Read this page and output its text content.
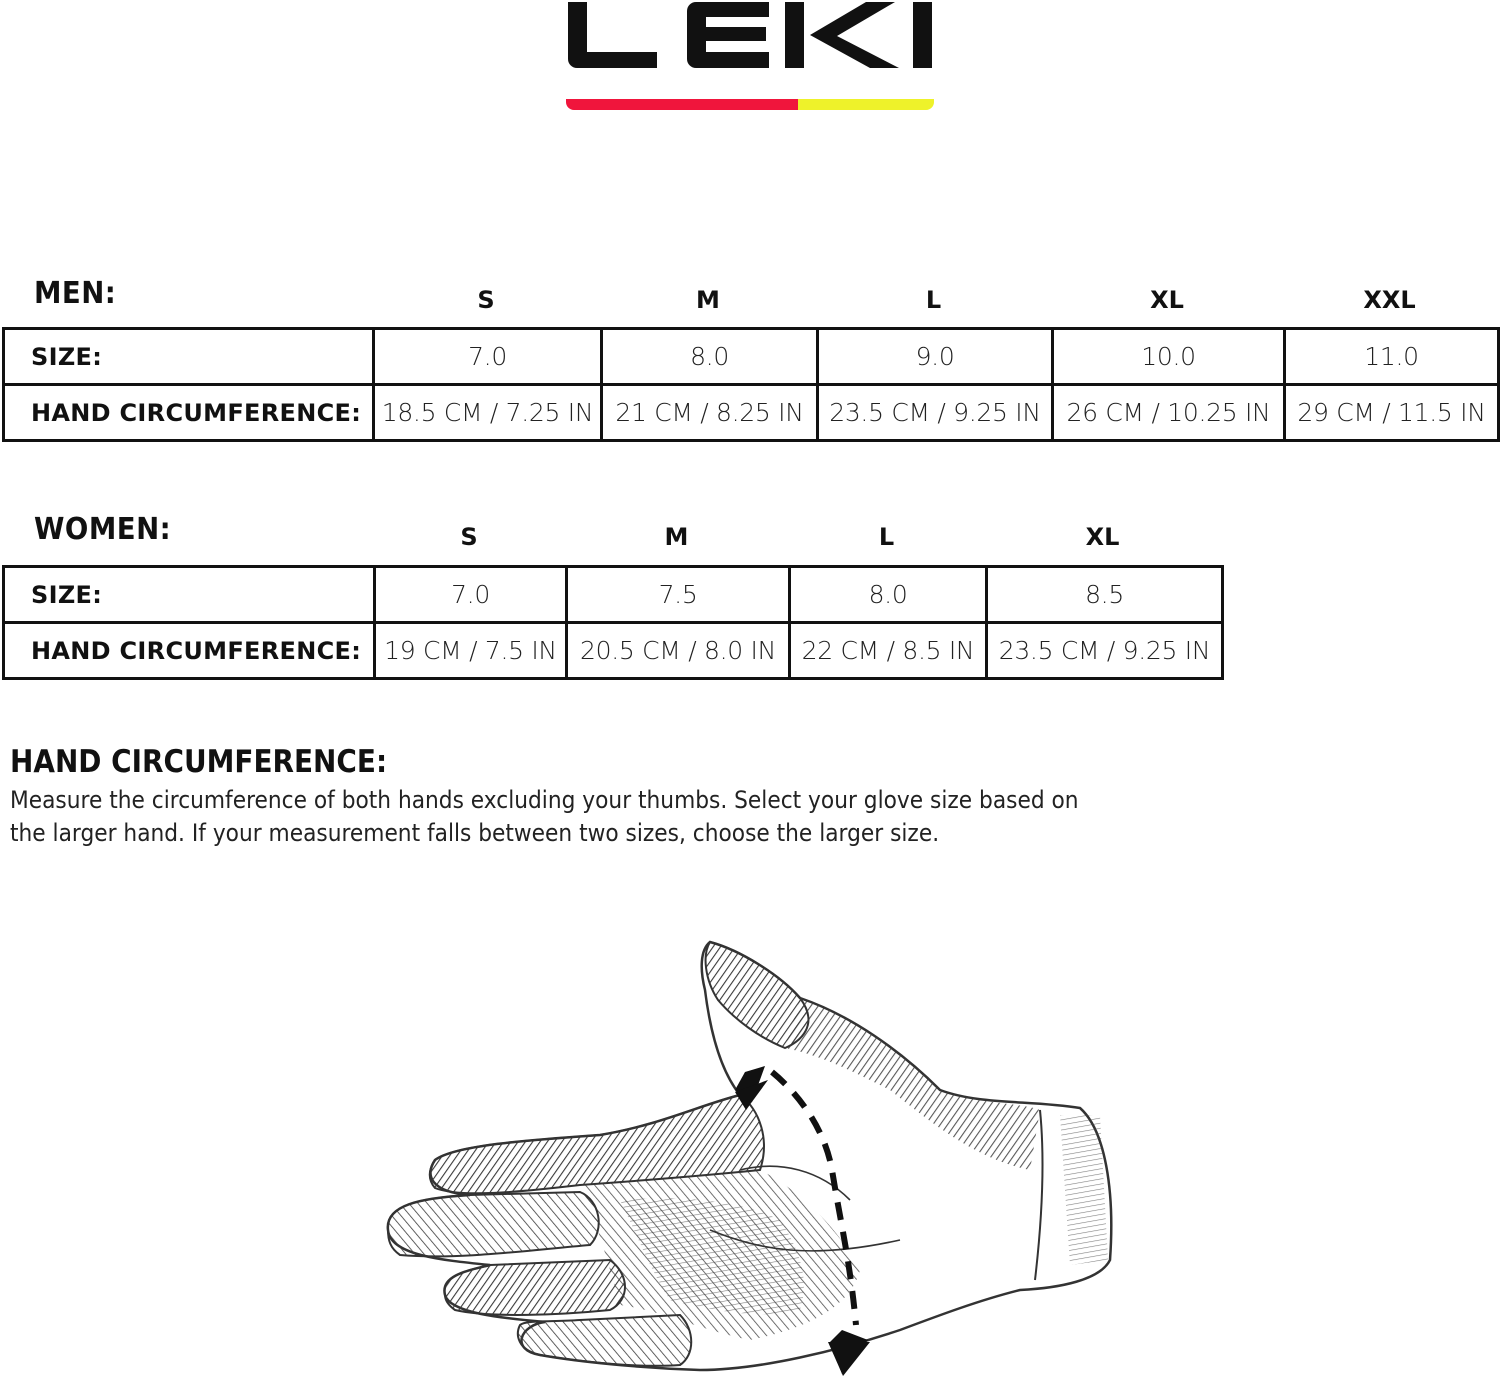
MEN:	S	M	L	XL	XXL
SIZE:	7.0	8.0	9.0	10.0	11.0
HAND CIRCUMFERENCE:	18.5 CM / 7.25 IN	21 CM / 8.25 IN	23.5 CM / 9.25 IN	26 CM / 10.25 IN	29 CM / 11.5 IN
WOMEN:	S	M	L	XL
SIZE:	7.0	7.5	8.0	8.5
HAND CIRCUMFERENCE:	19 CM / 7.5 IN	20.5 CM / 8.0 IN	22 CM / 8.5 IN	23.5 CM / 9.25 IN
HAND CIRCUMFERENCE:
Measure the circumference of both hands excluding your thumbs. Select your glove size based on
the larger hand. If your measurement falls between two sizes, choose the larger size.
